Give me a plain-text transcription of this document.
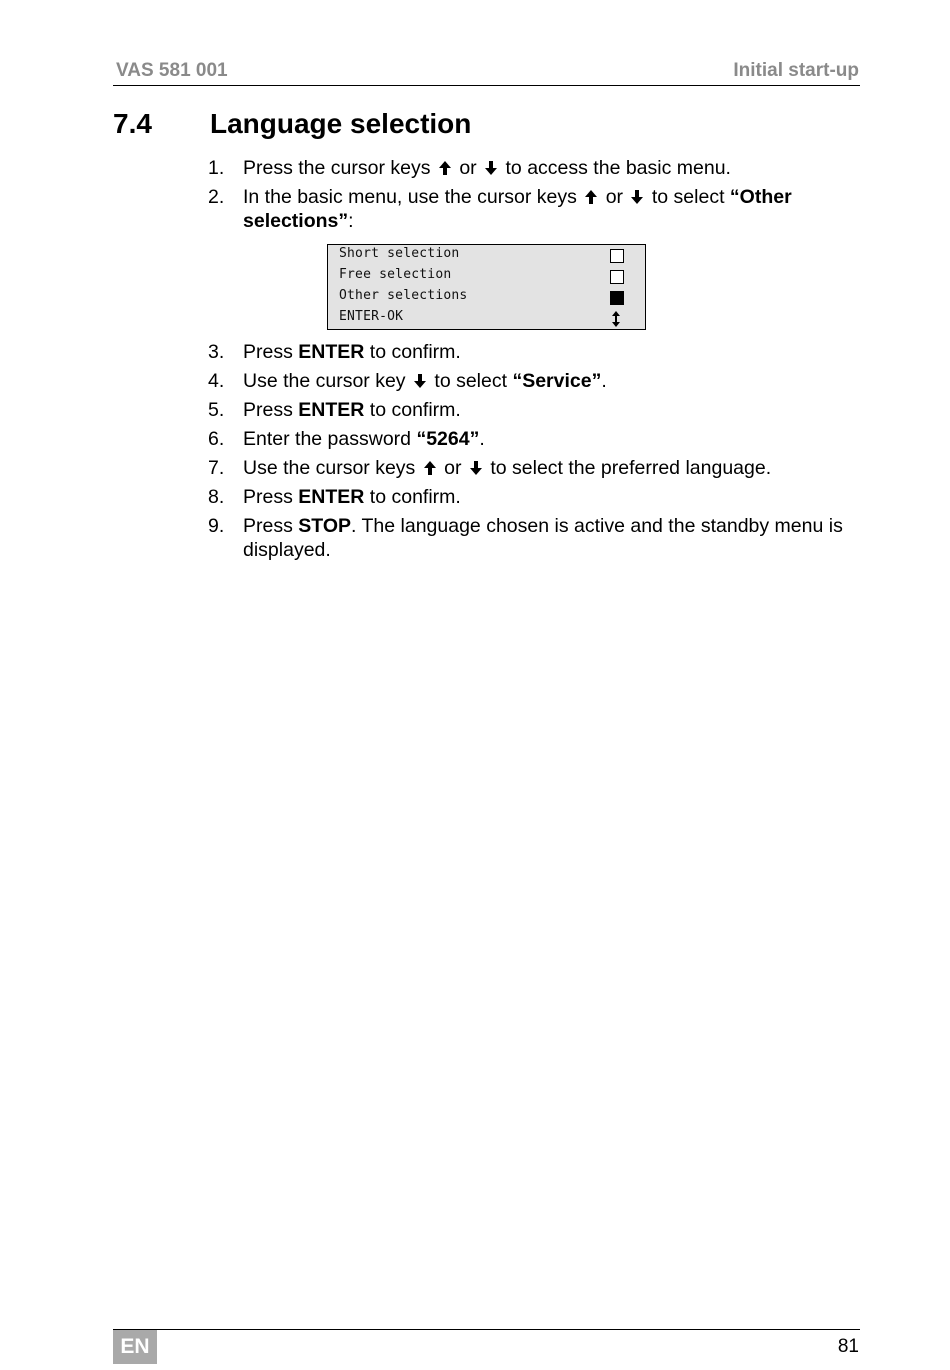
VAS 581 001	Initial start-up
7.4 Language selection
1. Press the cursor keys or to access the basic menu.
2. In the basic menu, use the cursor keys or to select “Other selections”:
Short selection
Free selection
Other selections
ENTER-OK
3. Press ENTER to confirm.
4. Use the cursor key to select “Service”.
5. Press ENTER to confirm.
6. Enter the password “5264”.
7. Use the cursor keys or to select the preferred language.
8. Press ENTER to confirm.
9. Press STOP. The language chosen is active and the standby menu is displayed.
EN	81
